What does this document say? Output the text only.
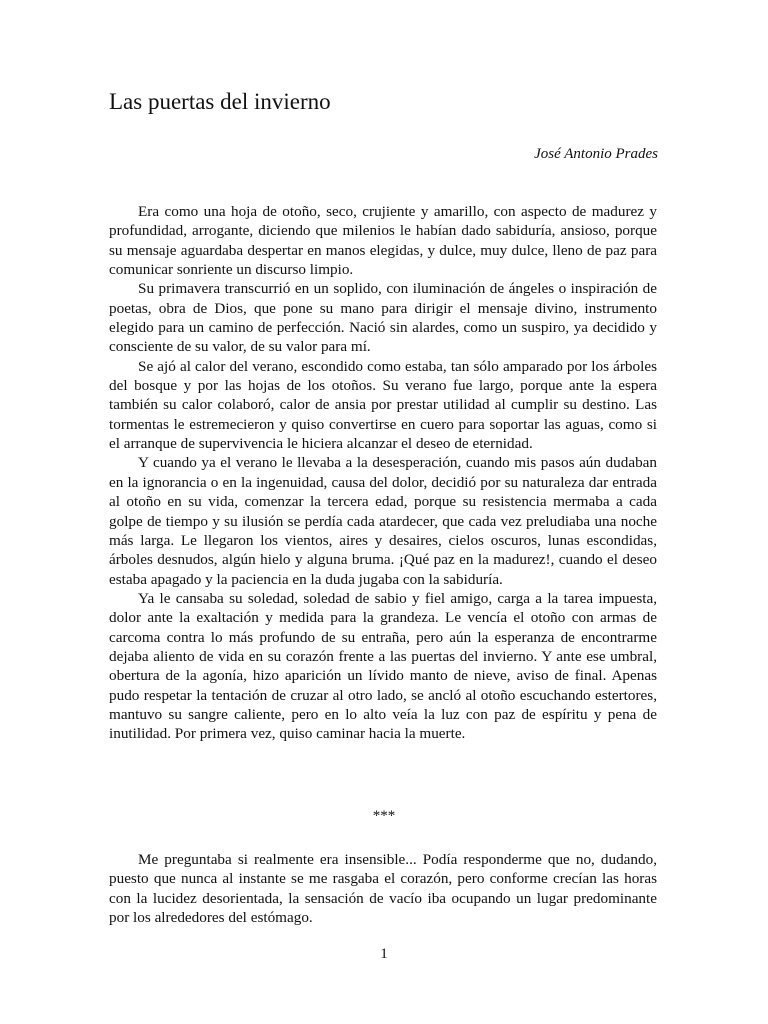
Las puertas del invierno
José Antonio Prades

Era como una hoja de otoño, seco, crujiente y amarillo, con aspecto de madurez y profundidad, arrogante, diciendo que milenios le habían dado sabiduría, ansioso, porque su mensaje aguardaba despertar en manos elegidas, y dulce, muy dulce, lleno de paz para comunicar sonriente un discurso limpio.

Su primavera transcurrió en un soplido, con iluminación de ángeles o inspiración de poetas, obra de Dios, que pone su mano para dirigir el mensaje divino, instrumento elegido para un camino de perfección. Nació sin alardes, como un suspiro, ya decidido y consciente de su valor, de su valor para mí.

Se ajó al calor del verano, escondido como estaba, tan sólo amparado por los árboles del bosque y por las hojas de los otoños. Su verano fue largo, porque ante la espera también su calor colaboró, calor de ansia por prestar utilidad al cumplir su destino. Las tormentas le estremecieron y quiso convertirse en cuero para soportar las aguas, como si el arranque de supervivencia le hiciera alcanzar el deseo de eternidad.

Y cuando ya el verano le llevaba a la desesperación, cuando mis pasos aún dudaban en la ignorancia o en la ingenuidad, causa del dolor, decidió por su naturaleza dar entrada al otoño en su vida, comenzar la tercera edad, porque su resistencia mermaba a cada golpe de tiempo y su ilusión se perdía cada atardecer, que cada vez preludiaba una noche más larga. Le llegaron los vientos, aires y desaires, cielos oscuros, lunas escondidas, árboles desnudos, algún hielo y alguna bruma. ¡Qué paz en la madurez!, cuando el deseo estaba apagado y la paciencia en la duda jugaba con la sabiduría.

Ya le cansaba su soledad, soledad de sabio y fiel amigo, carga a la tarea impuesta, dolor ante la exaltación y medida para la grandeza. Le vencía el otoño con armas de carcoma contra lo más profundo de su entraña, pero aún la esperanza de encontrarme dejaba aliento de vida en su corazón frente a las puertas del invierno. Y ante ese umbral, obertura de la agonía, hizo aparición un lívido manto de nieve, aviso de final. Apenas pudo respetar la tentación de cruzar al otro lado, se ancló al otoño escuchando estertores, mantuvo su sangre caliente, pero en lo alto veía la luz con paz de espíritu y pena de inutilidad. Por primera vez, quiso caminar hacia la muerte.

***

Me preguntaba si realmente era insensible... Podía responderme que no, dudando, puesto que nunca al instante se me rasgaba el corazón, pero conforme crecían las horas con la lucidez desorientada, la sensación de vacío iba ocupando un lugar predominante por los alrededores del estómago.

1
